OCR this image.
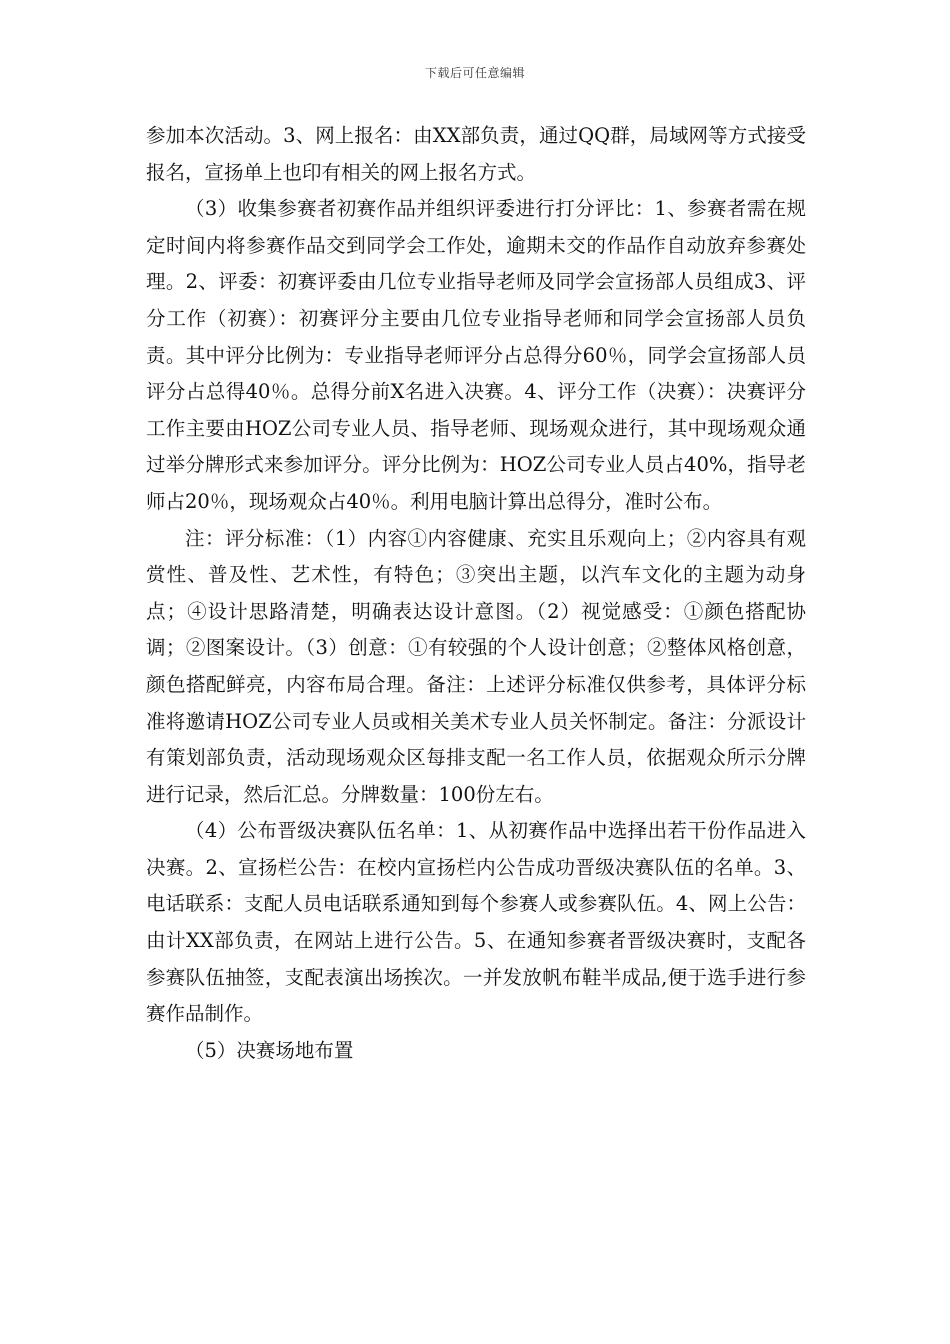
下载后可任意编辑

参加本次活动。3、网上报名：由XX部负责，通过QQ群，局域网等方式接受报名，宣扬单上也印有相关的网上报名方式。

（3）收集参赛者初赛作品并组织评委进行打分评比：1、参赛者需在规定时间内将参赛作品交到同学会工作处，逾期未交的作品作自动放弃参赛处理。2、评委：初赛评委由几位专业指导老师及同学会宣扬部人员组成3、评分工作（初赛）：初赛评分主要由几位专业指导老师和同学会宣扬部人员负责。其中评分比例为：专业指导老师评分占总得分60％，同学会宣扬部人员评分占总得40％。总得分前X名进入决赛。4、评分工作（决赛）：决赛评分工作主要由HOZ公司专业人员、指导老师、现场观众进行，其中现场观众通过举分牌形式来参加评分。评分比例为：HOZ公司专业人员占40%，指导老师占20％，现场观众占40％。利用电脑计算出总得分，准时公布。

注：评分标准：（1）内容①内容健康、充实且乐观向上；②内容具有观赏性、普及性、艺术性，有特色；③突出主题，以汽车文化的主题为动身点；④设计思路清楚，明确表达设计意图。（2）视觉感受：①颜色搭配协调；②图案设计。（3）创意：①有较强的个人设计创意；②整体风格创意，颜色搭配鲜亮，内容布局合理。备注：上述评分标准仅供参考，具体评分标准将邀请HOZ公司专业人员或相关美术专业人员关怀制定。备注：分派设计有策划部负责，活动现场观众区每排支配一名工作人员，依据观众所示分牌进行记录，然后汇总。分牌数量：100份左右。

（4）公布晋级决赛队伍名单：1、从初赛作品中选择出若干份作品进入决赛。2、宣扬栏公告：在校内宣扬栏内公告成功晋级决赛队伍的名单。3、电话联系：支配人员电话联系通知到每个参赛人或参赛队伍。4、网上公告：由计XX部负责，在网站上进行公告。5、在通知参赛者晋级决赛时，支配各参赛队伍抽签，支配表演出场挨次。一并发放帆布鞋半成品,便于选手进行参赛作品制作。

（5）决赛场地布置
